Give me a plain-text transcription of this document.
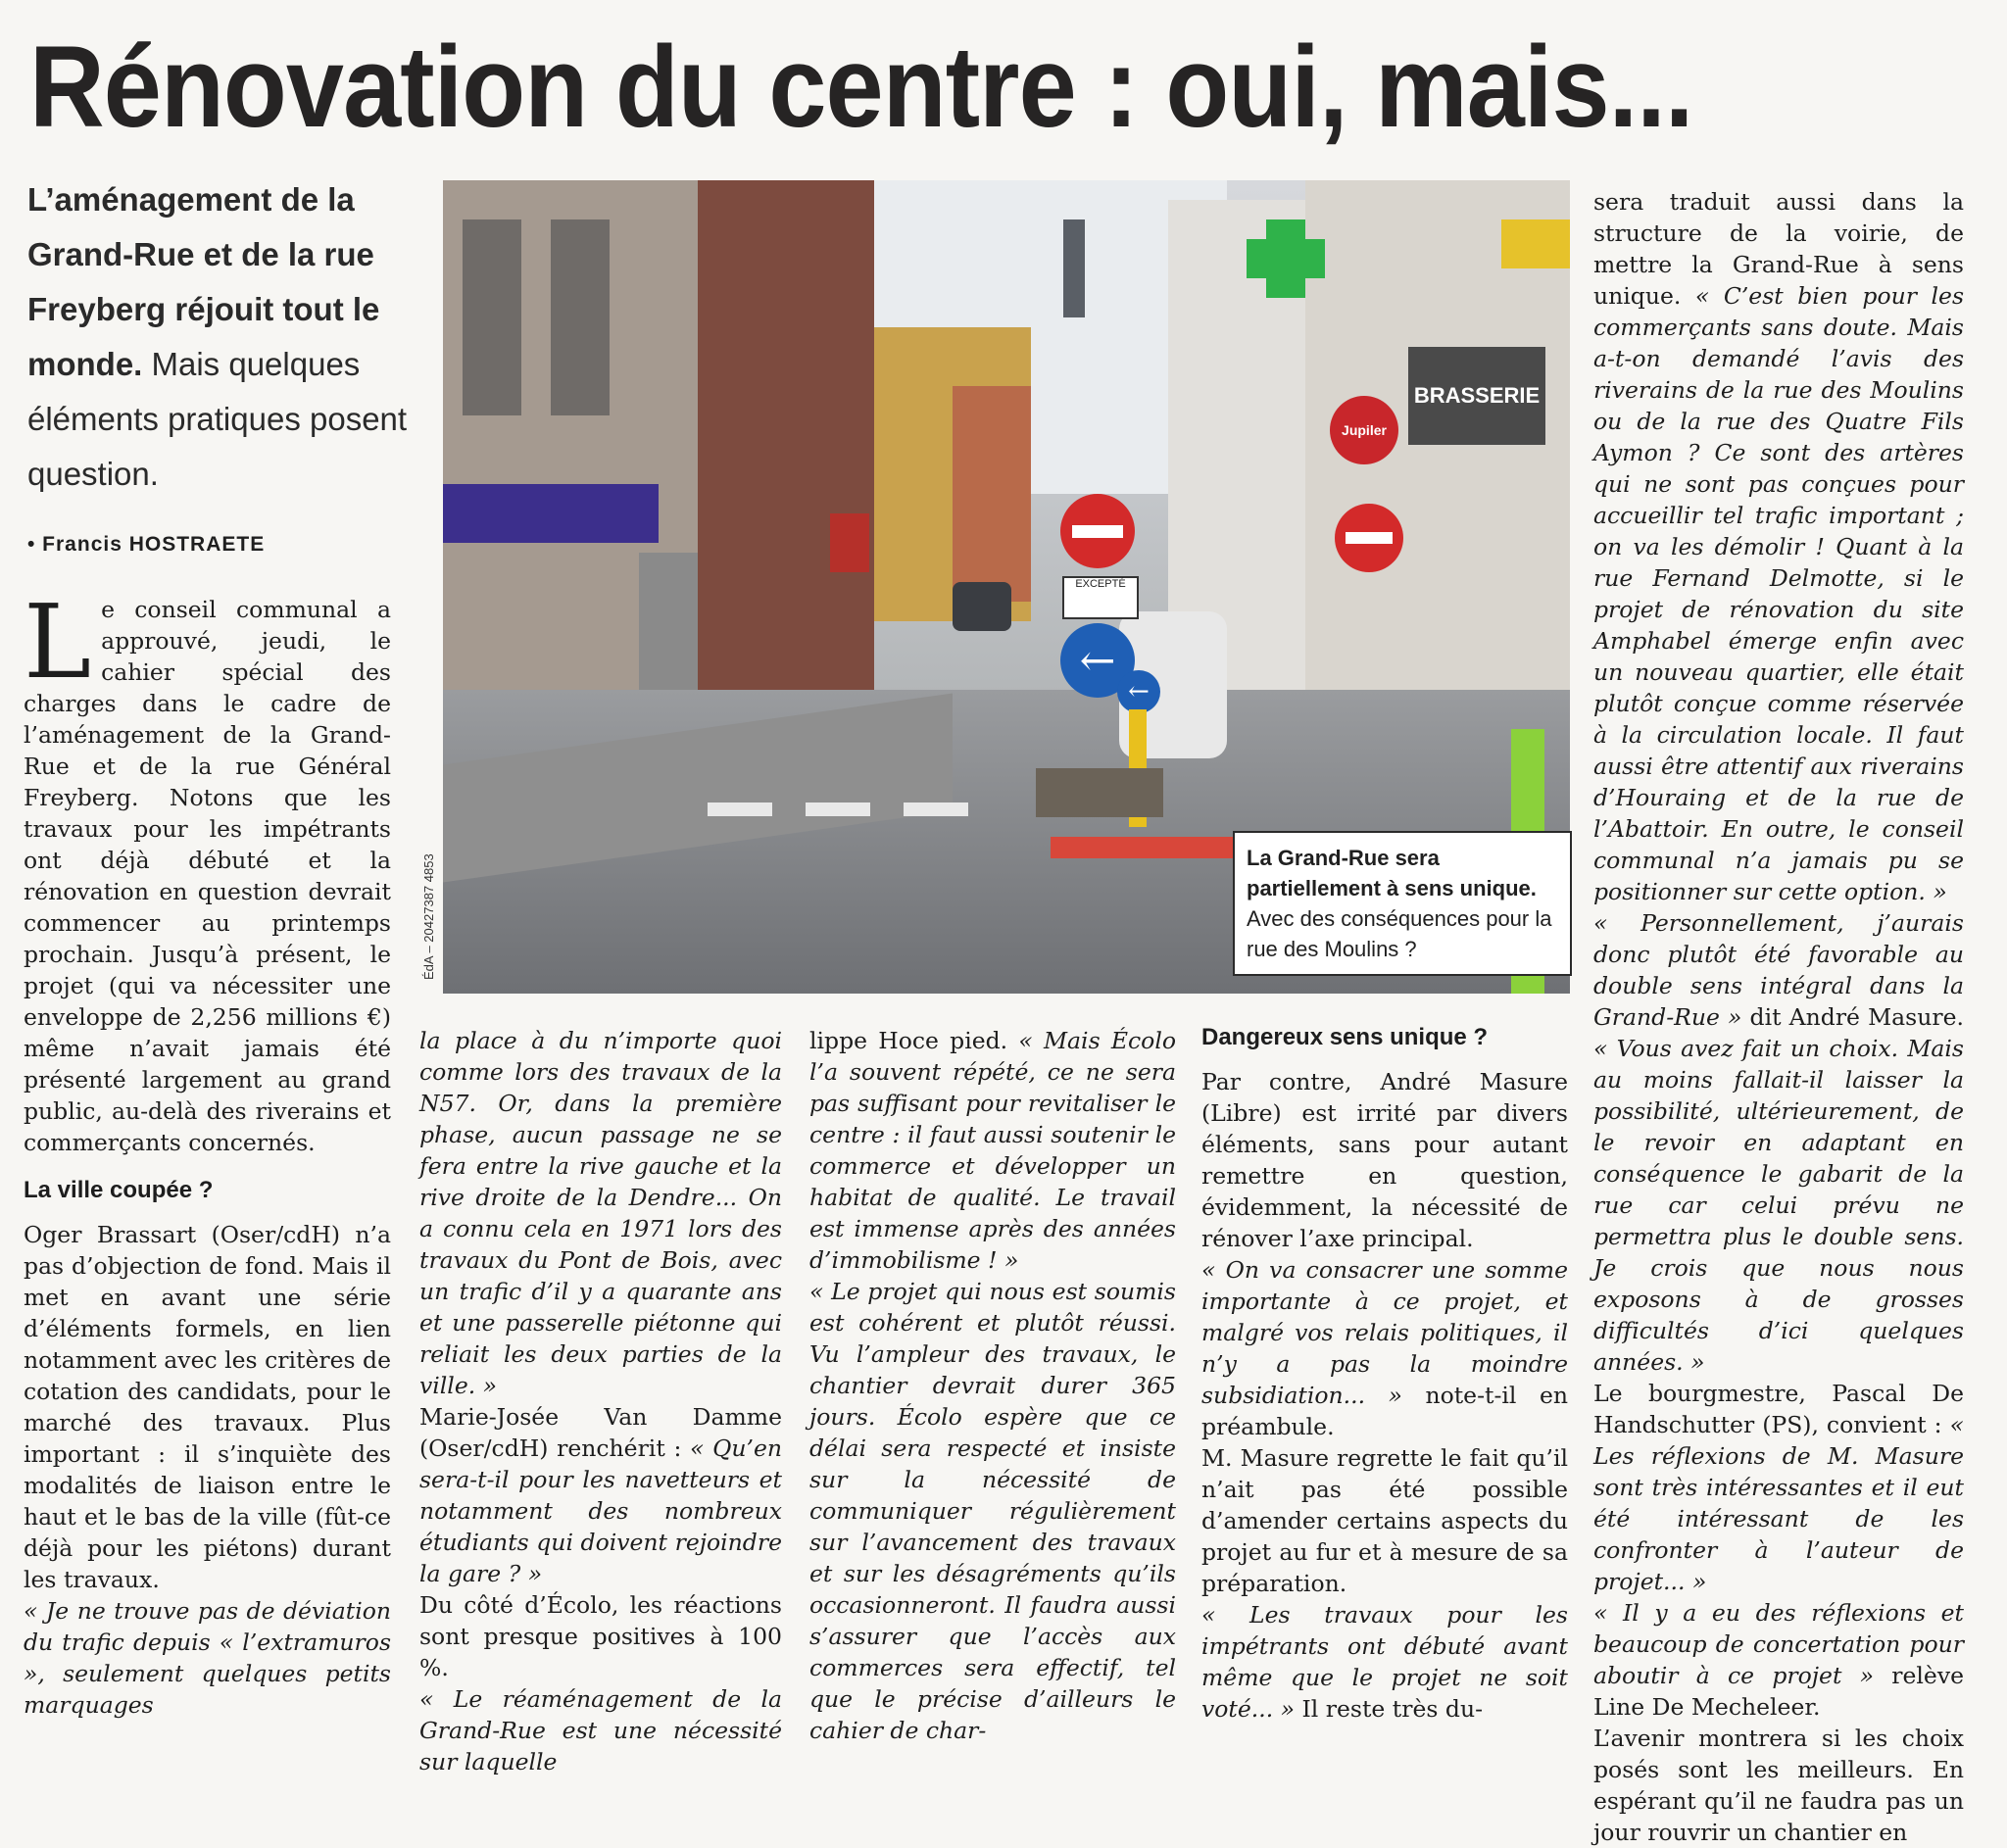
Rénovation du centre : oui, mais...
L’aménagement de la Grand-Rue et de la rue Freyberg réjouit tout le monde. Mais quelques éléments pratiques posent question.
• Francis HOSTRAETE
BRASSERIE
Jupiler
EXCEPTÉ
←
←
ÉdA – 20427387 4853	La Grand-Rue sera partiellement à sens unique.
Avec des conséquences pour la rue des Moulins ?

Le conseil communal a approuvé, jeudi, le cahier spécial des charges dans le cadre de l’aménagement de la Grand-Rue et de la rue Général Freyberg. Notons que les travaux pour les impétrants ont déjà débuté et la rénovation en question devrait commencer au printemps prochain. Jusqu’à présent, le projet (qui va nécessiter une enveloppe de 2,256 millions €) même n’avait jamais été présenté largement au grand public, au-delà des riverains et commerçants concernés.

La ville coupée ?

Oger Brassart (Oser/cdH) n’a pas d’objection de fond. Mais il met en avant une série d’éléments formels, en lien notamment avec les critères de cotation des candidats, pour le marché des travaux. Plus important : il s’inquiète des modalités de liaison entre le haut et le bas de la ville (fût-ce déjà pour les piétons) durant les travaux.

« Je ne trouve pas de déviation du trafic depuis « l’extramuros », seulement quelques petits marquages

la place à du n’importe quoi comme lors des travaux de la N57. Or, dans la première phase, aucun passage ne se fera entre la rive gauche et la rive droite de la Dendre... On a connu cela en 1971 lors des travaux du Pont de Bois, avec un trafic d’il y a quarante ans et une passerelle piétonne qui reliait les deux parties de la ville. »

Marie-Josée Van Damme (Oser/cdH) renchérit : « Qu’en sera-t-il pour les navetteurs et notamment des nombreux étudiants qui doivent rejoindre la gare ? »

Du côté d’Écolo, les réactions sont presque positives à 100 %.

« Le réaménagement de la Grand-Rue est une nécessité sur laquelle

lippe Hoce pied. « Mais Écolo l’a souvent répété, ce ne sera pas suffisant pour revitaliser le centre : il faut aussi soutenir le commerce et développer un habitat de qualité. Le travail est immense après des années d’immobilisme ! »

« Le projet qui nous est soumis est cohérent et plutôt réussi. Vu l’ampleur des travaux, le chantier devrait durer 365 jours. Écolo espère que ce délai sera respecté et insiste sur la nécessité de communiquer régulièrement sur l’avancement des travaux et sur les désagréments qu’ils occasionneront. Il faudra aussi s’assurer que l’accès aux commerces sera effectif, tel que le précise d’ailleurs le cahier de char-

Dangereux sens unique ?

Par contre, André Masure (Libre) est irrité par divers éléments, sans pour autant remettre en question, évidemment, la nécessité de rénover l’axe principal.

« On va consacrer une somme importante à ce projet, et malgré vos relais politiques, il n’y a pas la moindre subsidiation... » note-t-il en préambule.

M. Masure regrette le fait qu’il n’ait pas été possible d’amender certains aspects du projet au fur et à mesure de sa préparation.

« Les travaux pour les impétrants ont débuté avant même que le projet ne soit voté... » Il reste très du-

sera traduit aussi dans la structure de la voirie, de mettre la Grand-Rue à sens unique. « C’est bien pour les commerçants sans doute. Mais a-t-on demandé l’avis des riverains de la rue des Moulins ou de la rue des Quatre Fils Aymon ? Ce sont des artères qui ne sont pas conçues pour accueillir tel trafic important ; on va les démolir ! Quant à la rue Fernand Delmotte, si le projet de rénovation du site Amphabel émerge enfin avec un nouveau quartier, elle était plutôt conçue comme réservée à la circulation locale. Il faut aussi être attentif aux riverains d’Houraing et de la rue de l’Abattoir. En outre, le conseil communal n’a jamais pu se positionner sur cette option. »

« Personnellement, j’aurais donc plutôt été favorable au double sens intégral dans la Grand-Rue » dit André Masure. « Vous avez fait un choix. Mais au moins fallait-il laisser la possibilité, ultérieurement, de le revoir en adaptant en conséquence le gabarit de la rue car celui prévu ne permettra plus le double sens. Je crois que nous nous exposons à de grosses difficultés d’ici quelques années. »

Le bourgmestre, Pascal De Handschutter (PS), convient : « Les réflexions de M. Masure sont très intéressantes et il eut été intéressant de les confronter à l’auteur de projet... »

« Il y a eu des réflexions et beaucoup de concertation pour aboutir à ce projet » relève Line De Mecheleer.

L’avenir montrera si les choix posés sont les meilleurs. En espérant qu’il ne faudra pas un jour rouvrir un chantier en
